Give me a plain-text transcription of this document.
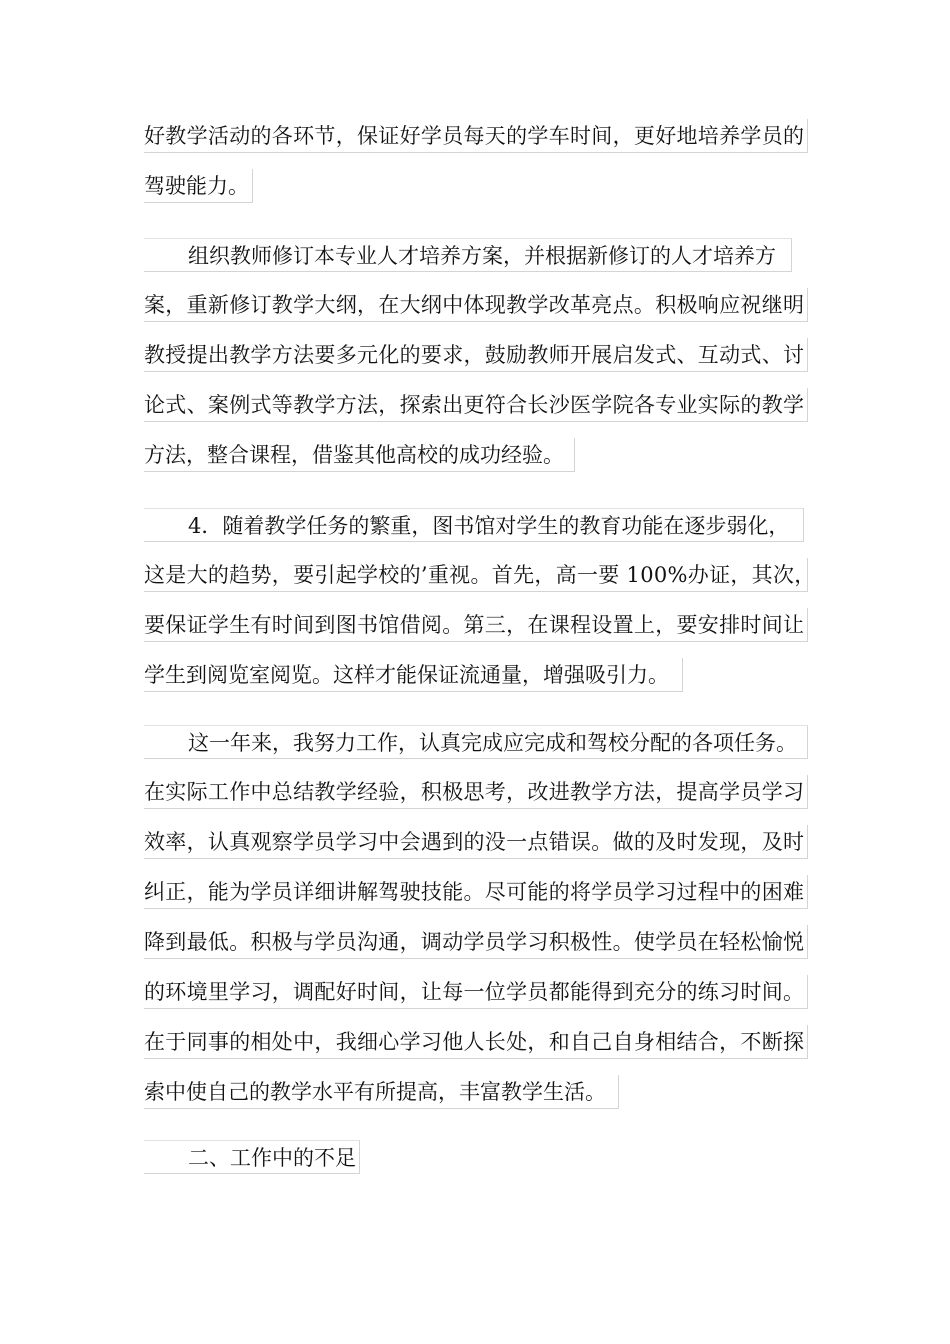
好教学活动的各环节，保证好学员每天的学车时间，更好地培养学员的
驾驶能力。
组织教师修订本专业人才培养方案，并根据新修订的人才培养方
案，重新修订教学大纲，在大纲中体现教学改革亮点。积极响应祝继明
教授提出教学方法要多元化的要求，鼓励教师开展启发式、互动式、讨
论式、案例式等教学方法，探索出更符合长沙医学院各专业实际的教学
方法，整合课程，借鉴其他高校的成功经验。
4．随着教学任务的繁重，图书馆对学生的教育功能在逐步弱化，
这是大的趋势，要引起学校的’重视。首先，高一要 100%办证，其次，
要保证学生有时间到图书馆借阅。第三，在课程设置上，要安排时间让
学生到阅览室阅览。这样才能保证流通量，增强吸引力。
这一年来，我努力工作，认真完成应完成和驾校分配的各项任务。
在实际工作中总结教学经验，积极思考，改进教学方法，提高学员学习
效率，认真观察学员学习中会遇到的没一点错误。做的及时发现，及时
纠正，能为学员详细讲解驾驶技能。尽可能的将学员学习过程中的困难
降到最低。积极与学员沟通，调动学员学习积极性。使学员在轻松愉悦
的环境里学习，调配好时间，让每一位学员都能得到充分的练习时间。
在于同事的相处中，我细心学习他人长处，和自己自身相结合，不断探
索中使自己的教学水平有所提高，丰富教学生活。
二、工作中的不足
